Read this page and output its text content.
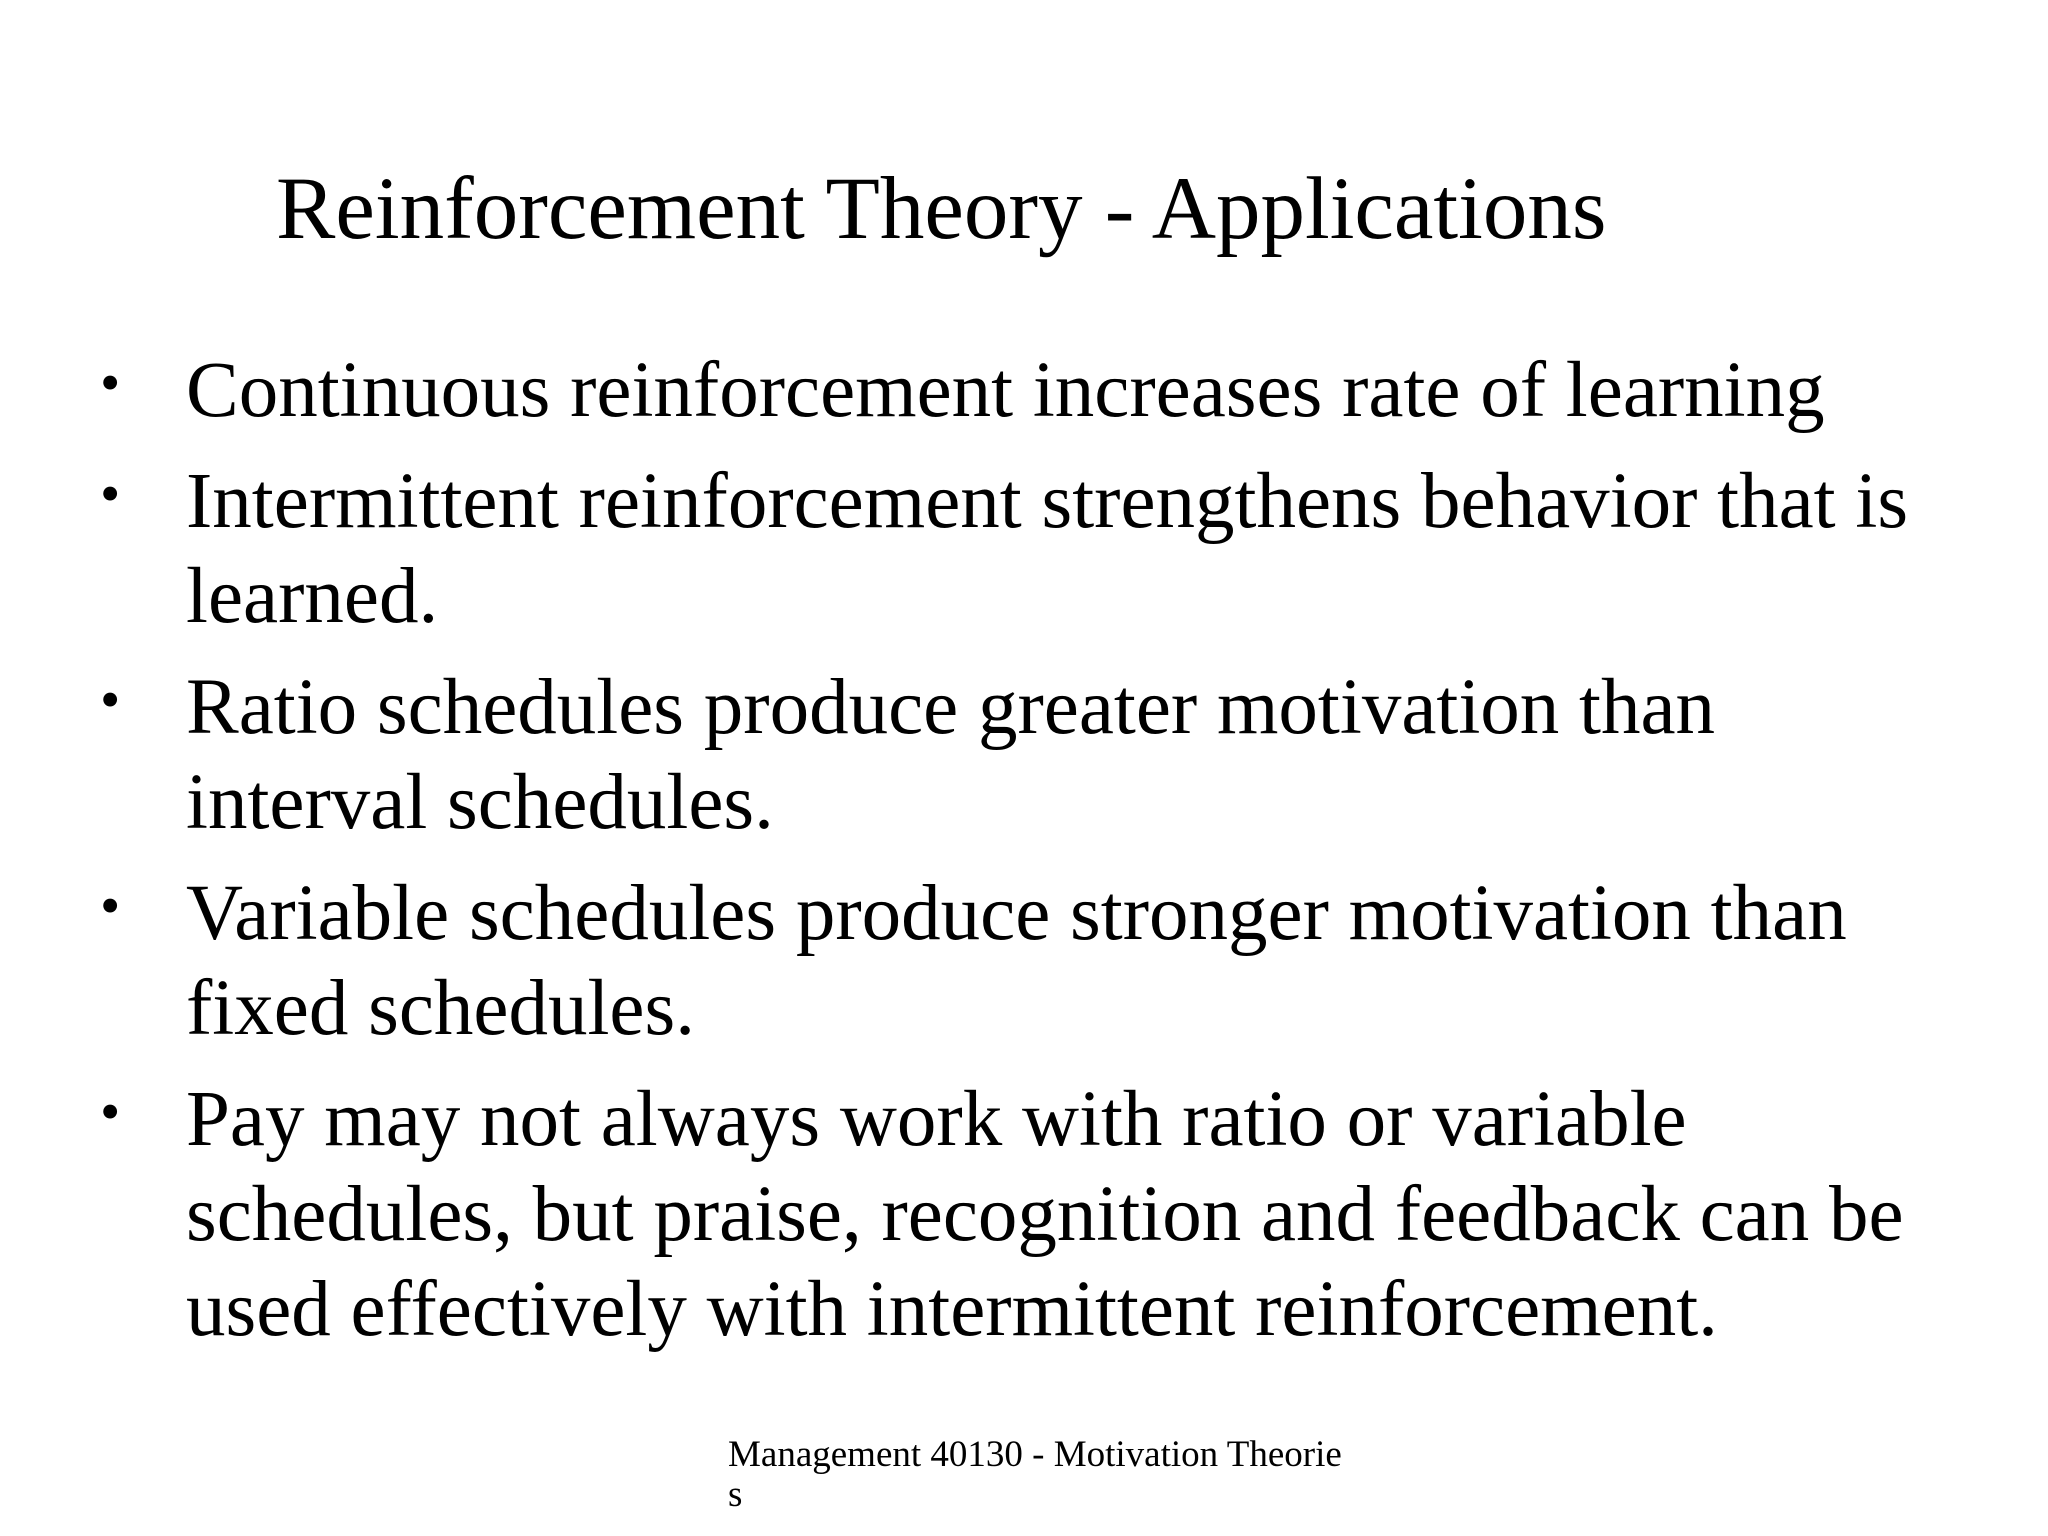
Reinforcement Theory - Applications
• Continuous reinforcement increases rate of learning
• Intermittent reinforcement strengthens behavior that is learned.
• Ratio schedules produce greater motivation than interval schedules.
• Variable schedules produce stronger motivation than fixed schedules.
• Pay may not always work with ratio or variable schedules, but praise, recognition and feedback can be used effectively with intermittent reinforcement.
Management 40130 - Motivation Theories
